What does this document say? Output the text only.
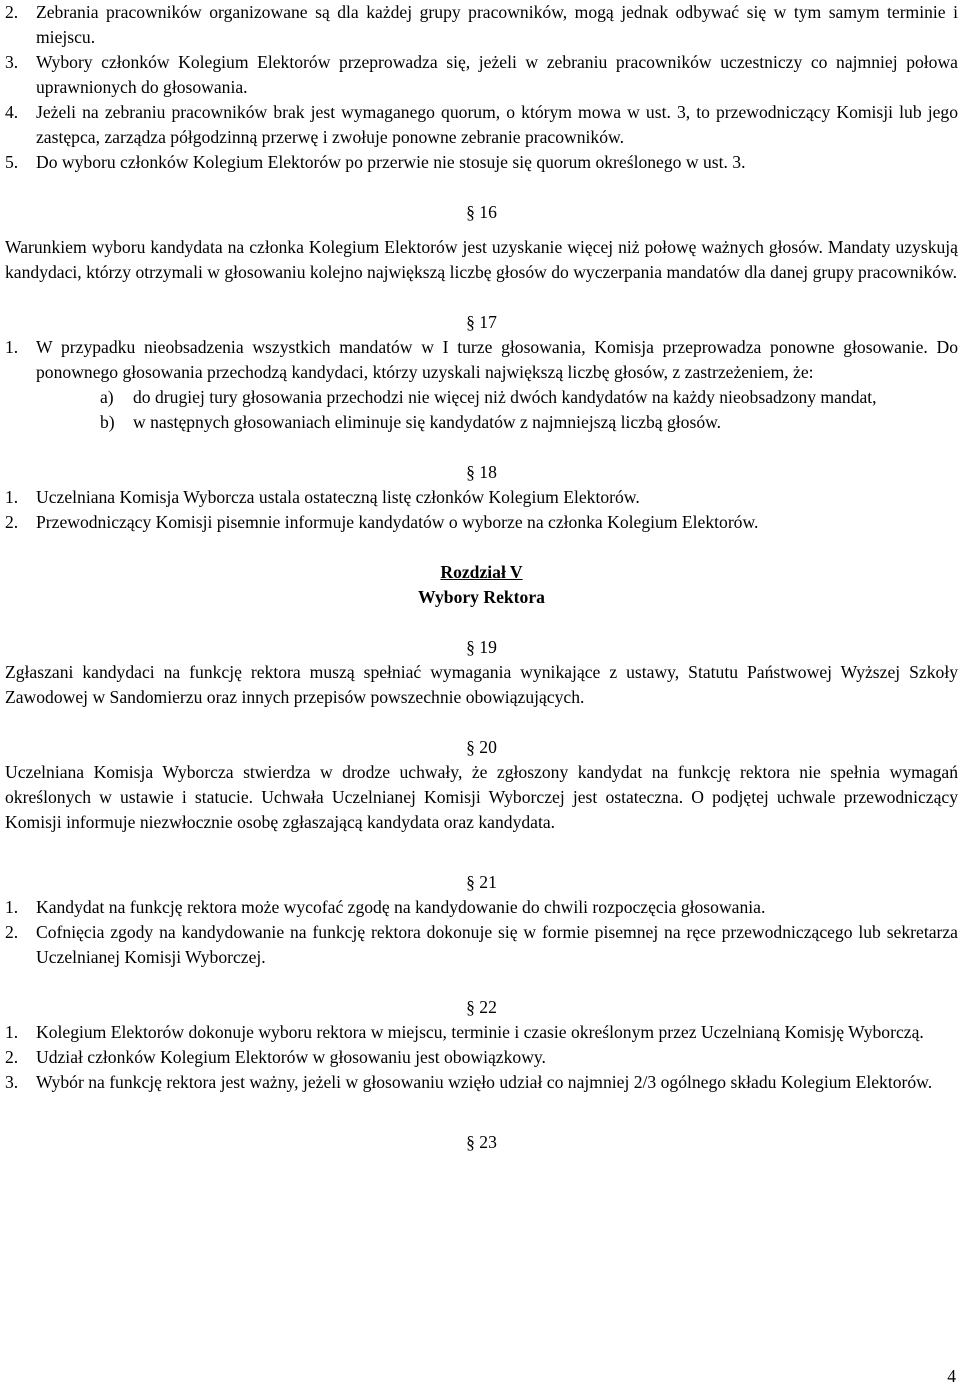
2. Zebrania pracowników organizowane są dla każdej grupy pracowników, mogą jednak odbywać się w tym samym terminie i miejscu.
3. Wybory członków Kolegium Elektorów przeprowadza się, jeżeli w zebraniu pracowników uczestniczy co najmniej połowa uprawnionych do głosowania.
4. Jeżeli na zebraniu pracowników brak jest wymaganego quorum, o którym mowa w ust. 3, to przewodniczący Komisji lub jego zastępca, zarządza półgodzinną przerwę i zwołuje ponowne zebranie pracowników.
5. Do wyboru członków Kolegium Elektorów po przerwie nie stosuje się quorum określonego w ust. 3.
§ 16

Warunkiem wyboru kandydata na członka Kolegium Elektorów jest uzyskanie więcej niż połowę ważnych głosów. Mandaty uzyskują kandydaci, którzy otrzymali w głosowaniu kolejno największą liczbę głosów do wyczerpania mandatów dla danej grupy pracowników.

§ 17
1. W przypadku nieobsadzenia wszystkich mandatów w I turze głosowania, Komisja przeprowadza ponowne głosowanie. Do ponownego głosowania przechodzą kandydaci, którzy uzyskali największą liczbę głosów, z zastrzeżeniem, że:
a) do drugiej tury głosowania przechodzi nie więcej niż dwóch kandydatów na każdy nieobsadzony mandat,
b) w następnych głosowaniach eliminuje się kandydatów z najmniejszą liczbą głosów.
§ 18
1. Uczelniana Komisja Wyborcza ustala ostateczną listę członków Kolegium Elektorów.
2. Przewodniczący Komisji pisemnie informuje kandydatów o wyborze na członka Kolegium Elektorów.
Rozdział V
Wybory Rektora
§ 19

Zgłaszani kandydaci na funkcję rektora muszą spełniać wymagania wynikające z ustawy, Statutu Państwowej Wyższej Szkoły Zawodowej w Sandomierzu oraz innych przepisów powszechnie obowiązujących.

§ 20

Uczelniana Komisja Wyborcza stwierdza w drodze uchwały, że zgłoszony kandydat na funkcję rektora nie spełnia wymagań określonych w ustawie i statucie. Uchwała Uczelnianej Komisji Wyborczej jest ostateczna. O podjętej uchwale przewodniczący Komisji informuje niezwłocznie osobę zgłaszającą kandydata oraz kandydata.

§ 21
1. Kandydat na funkcję rektora może wycofać zgodę na kandydowanie do chwili rozpoczęcia głosowania.
2. Cofnięcia zgody na kandydowanie na funkcję rektora dokonuje się w formie pisemnej na ręce przewodniczącego lub sekretarza Uczelnianej Komisji Wyborczej.
§ 22
1. Kolegium Elektorów dokonuje wyboru rektora w miejscu, terminie i czasie określonym przez Uczelnianą Komisję Wyborczą.
2. Udział członków Kolegium Elektorów w głosowaniu jest obowiązkowy.
3. Wybór na funkcję rektora jest ważny, jeżeli w głosowaniu wzięło udział co najmniej 2/3 ogólnego składu Kolegium Elektorów.
§ 23
4
